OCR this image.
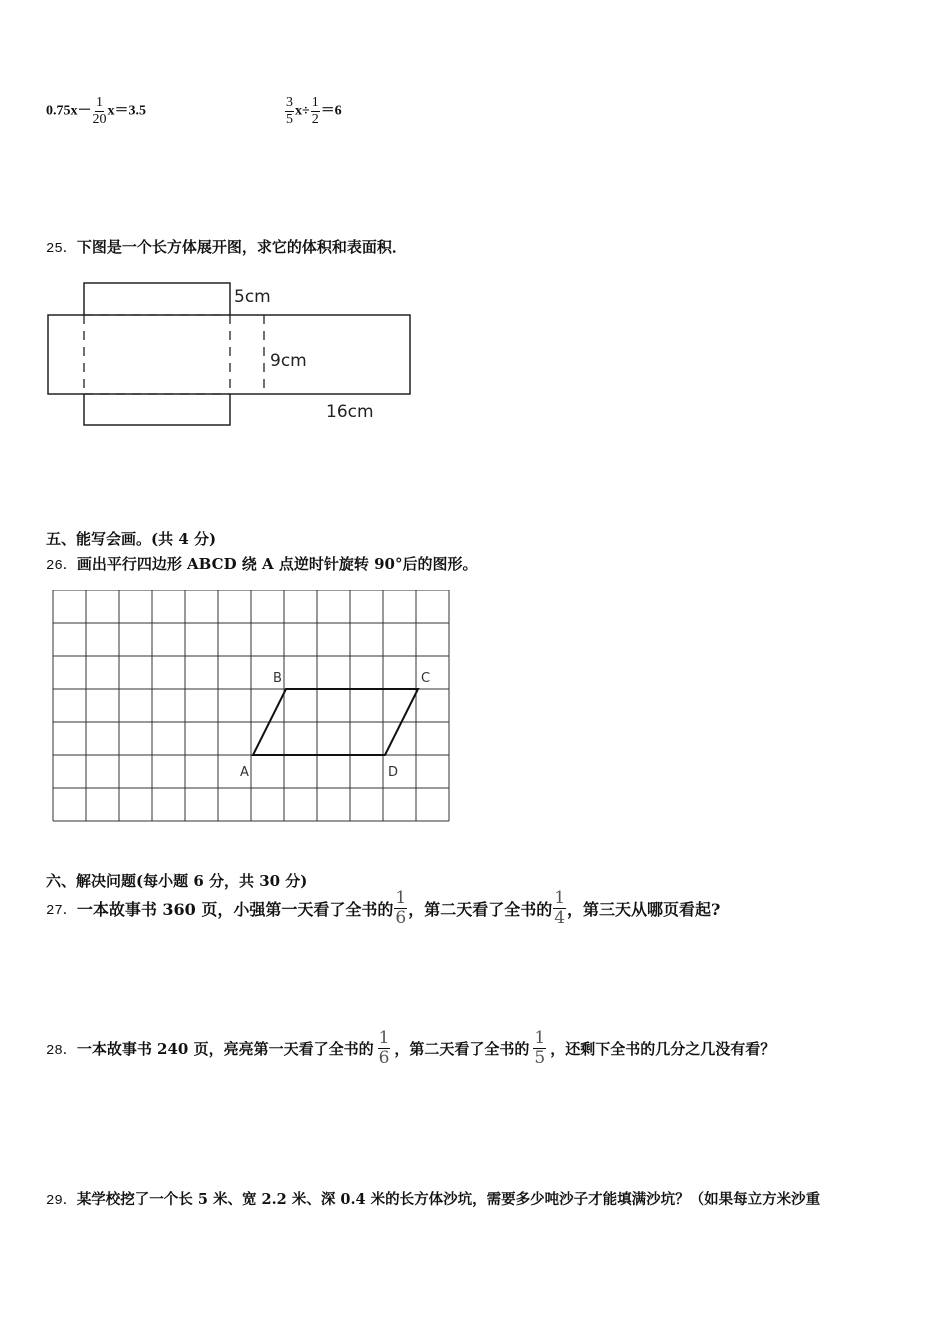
$0.75x- \frac{1}{20} x=3.5$	$\frac{3}{5} x\div \frac{1}{2} =6$
25．下图是一个长方体展开图，求它的体积和表面积．
5cm
9cm
16cm
五、能写会画。(共 4 分)
26．画出平行四边形 ABCD 绕 A 点逆时针旋转 90°后的图形。
A
B	C
D
六、解决问题(每小题 6 分，共 30 分)
27． 一本故事书 360 页，小强第一天看了全书的 $\frac{1}{6}$ ，第二天看了全书的 $\frac{1}{4}$ ，第三天从哪页看起?
28． 一本故事书 240 页，亮亮第一天看了全书的 $\frac{1}{6}$ ，第二天看了全书的 $\frac{1}{5}$ ，还剩下全书的几分之几没有看？
29．某学校挖了一个长 5 米、宽 2.2 米、深 0.4 米的长方体沙坑，需要多少吨沙子才能填满沙坑？（如果每立方米沙重
